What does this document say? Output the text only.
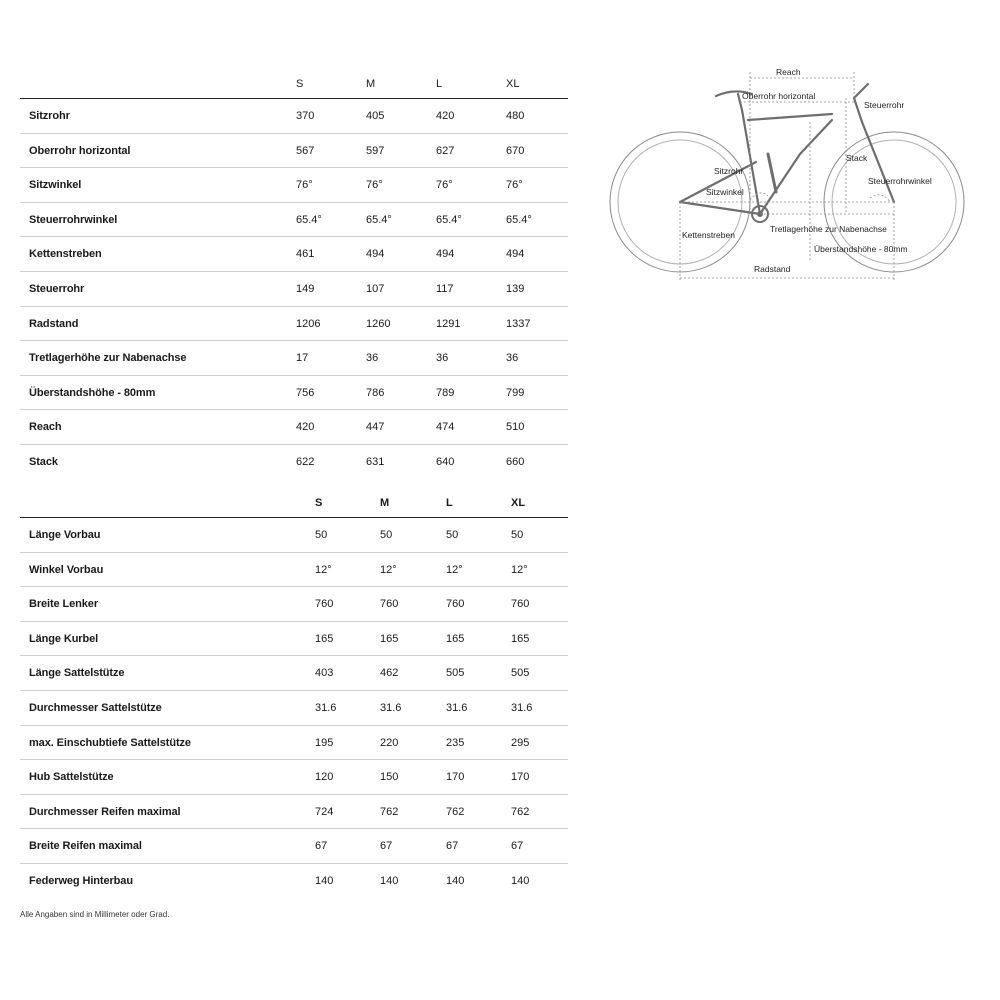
S	M	L	XL
Sitzrohr	370	405	420	480
Oberrohr horizontal	567	597	627	670
Sitzwinkel	76°	76°	76°	76°
Steuerrohrwinkel	65.4°	65.4°	65.4°	65.4°
Kettenstreben	461	494	494	494
Steuerrohr	149	107	117	139
Radstand	1206	1260	1291	1337
Tretlagerhöhe zur Nabenachse	17	36	36	36
Überstandshöhe - 80mm	756	786	789	799
Reach	420	447	474	510
Stack	622	631	640	660
S	M	L	XL
Länge Vorbau	50	50	50	50
Winkel Vorbau	12°	12°	12°	12°
Breite Lenker	760	760	760	760
Länge Kurbel	165	165	165	165
Länge Sattelstütze	403	462	505	505
Durchmesser Sattelstütze	31.6	31.6	31.6	31.6
max. Einschubtiefe Sattelstütze	195	220	235	295
Hub Sattelstütze	120	150	170	170
Durchmesser Reifen maximal	724	762	762	762
Breite Reifen maximal	67	67	67	67
Federweg Hinterbau	140	140	140	140
Alle Angaben sind in Millimeter oder Grad.
Reach
Oberrohr horizontal
Steuerrohr
Sitzrohr
Stack
Sitzwinkel
Steuerrohrwinkel
Kettenstreben
Tretlagerhöhe zur Nabenachse
Überstandshöhe - 80mm
Radstand
